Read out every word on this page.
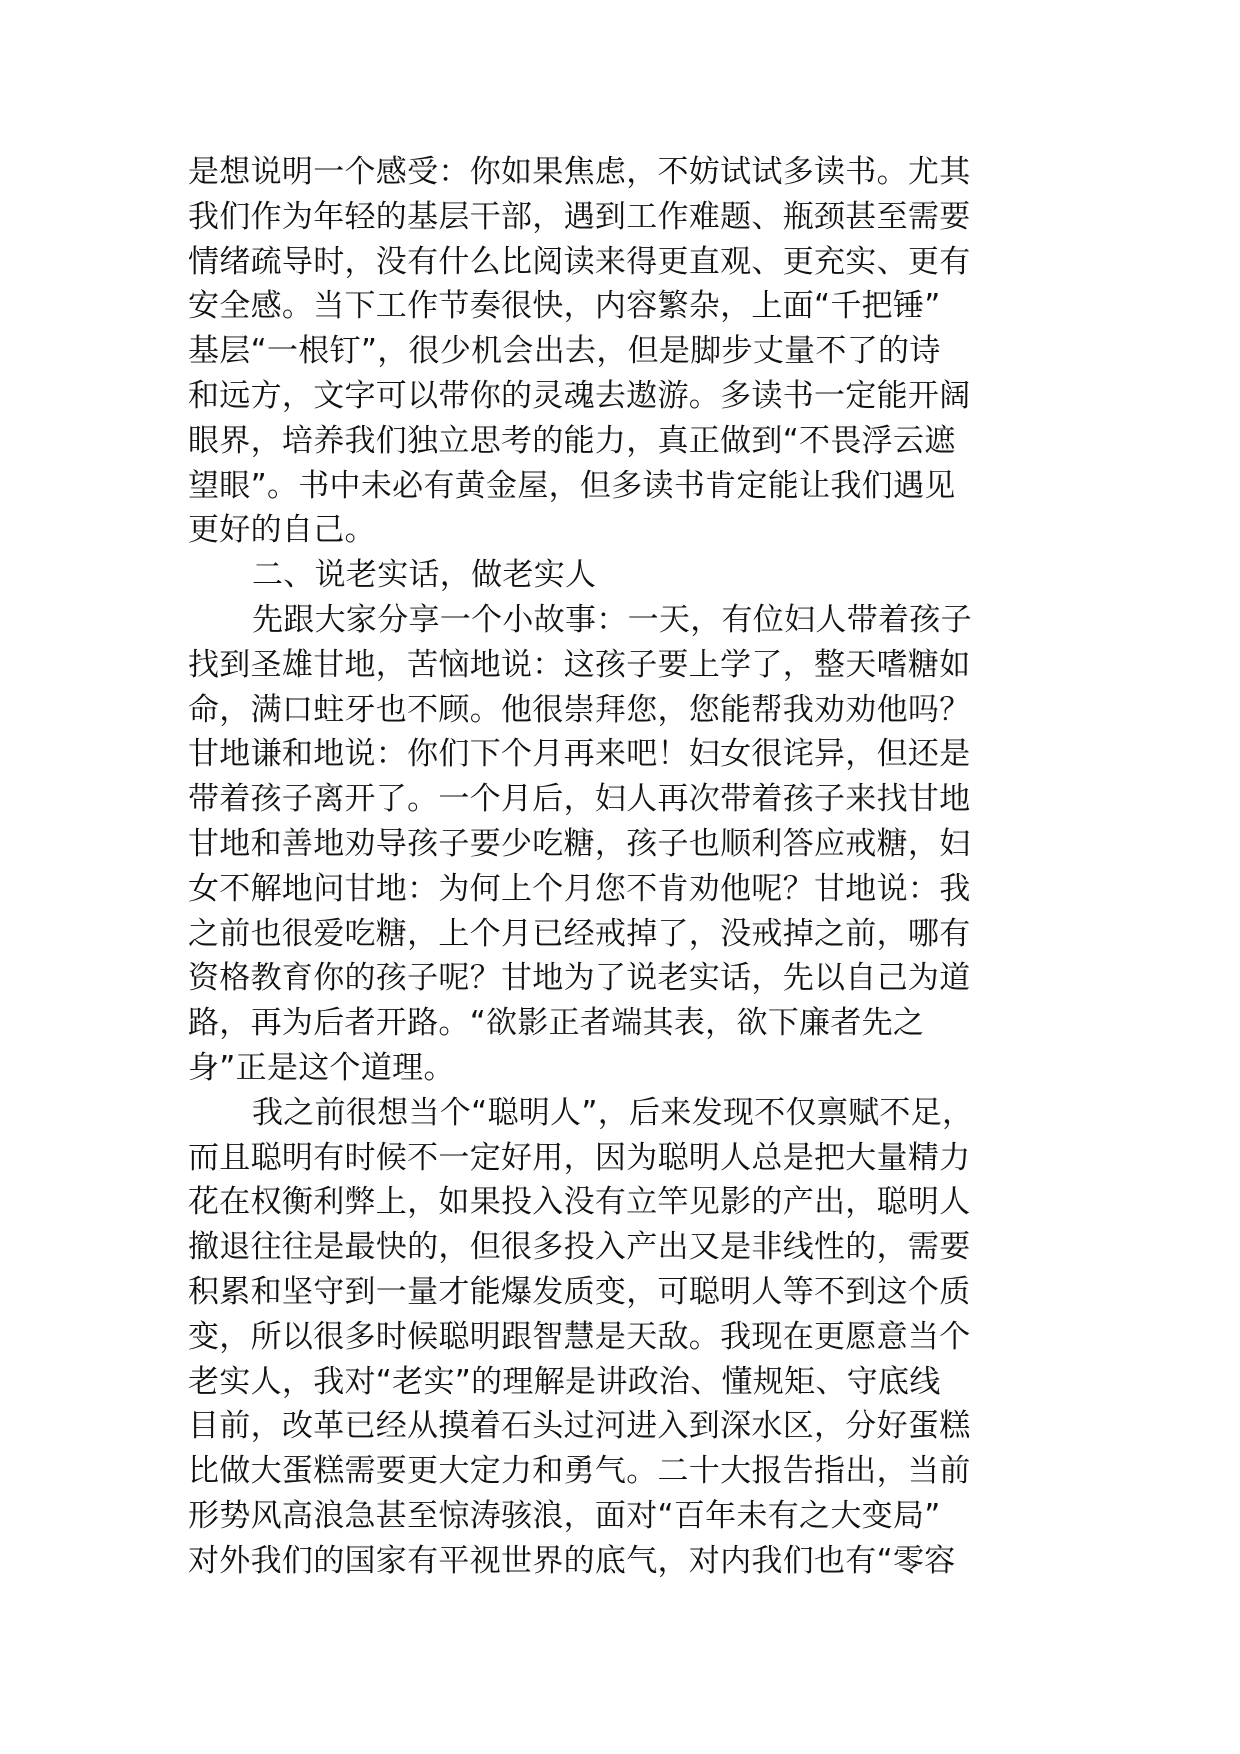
是想说明一个感受：你如果焦虑，不妨试试多读书。尤其
我们作为年轻的基层干部，遇到工作难题、瓶颈甚至需要
情绪疏导时，没有什么比阅读来得更直观、更充实、更有
安全感。当下工作节奏很快，内容繁杂，上面“千把锤”
基层“一根钉”，很少机会出去，但是脚步丈量不了的诗
和远方，文字可以带你的灵魂去遨游。多读书一定能开阔
眼界，培养我们独立思考的能力，真正做到“不畏浮云遮
望眼”。书中未必有黄金屋，但多读书肯定能让我们遇见
更好的自己。
二、说老实话，做老实人
先跟大家分享一个小故事：一天，有位妇人带着孩子
找到圣雄甘地，苦恼地说：这孩子要上学了，整天嗜糖如
命，满口蛀牙也不顾。他很崇拜您，您能帮我劝劝他吗？
甘地谦和地说：你们下个月再来吧！妇女很诧异，但还是
带着孩子离开了。一个月后，妇人再次带着孩子来找甘地
甘地和善地劝导孩子要少吃糖，孩子也顺利答应戒糖，妇
女不解地问甘地：为何上个月您不肯劝他呢？甘地说：我
之前也很爱吃糖，上个月已经戒掉了，没戒掉之前，哪有
资格教育你的孩子呢？甘地为了说老实话，先以自己为道
路，再为后者开路。“欲影正者端其表，欲下廉者先之
身”正是这个道理。
我之前很想当个“聪明人”，后来发现不仅禀赋不足，
而且聪明有时候不一定好用，因为聪明人总是把大量精力
花在权衡利弊上，如果投入没有立竿见影的产出，聪明人
撤退往往是最快的，但很多投入产出又是非线性的，需要
积累和坚守到一量才能爆发质变，可聪明人等不到这个质
变，所以很多时候聪明跟智慧是天敌。我现在更愿意当个
老实人，我对“老实”的理解是讲政治、懂规矩、守底线
目前，改革已经从摸着石头过河进入到深水区，分好蛋糕
比做大蛋糕需要更大定力和勇气。二十大报告指出，当前
形势风高浪急甚至惊涛骇浪，面对“百年未有之大变局”
对外我们的国家有平视世界的底气，对内我们也有“零容
